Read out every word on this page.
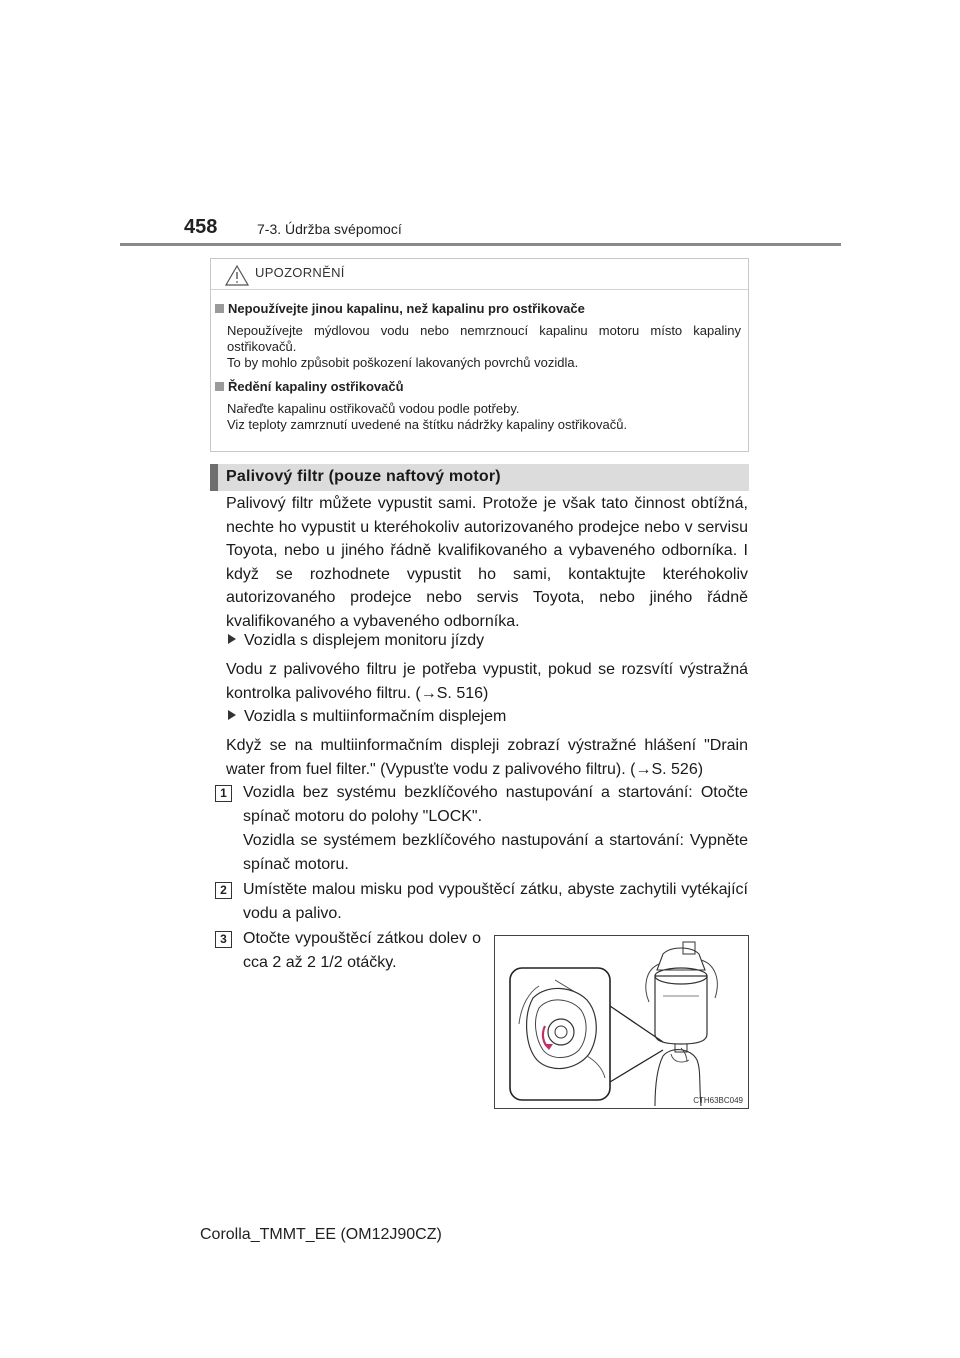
458	7-3. Údržba svépomocí
UPOZORNĚNÍ
Nepoužívejte jinou kapalinu, než kapalinu pro ostřikovače

Nepoužívejte mýdlovou vodu nebo nemrznoucí kapalinu motoru místo kapaliny ostřikovačů.

To by mohlo způsobit poškození lakovaných povrchů vozidla.

Ředění kapaliny ostřikovačů

Nařeďte kapalinu ostřikovačů vodou podle potřeby.

Viz teploty zamrznutí uvedené na štítku nádržky kapaliny ostřikovačů.

Palivový filtr (pouze naftový motor)
Palivový filtr můžete vypustit sami. Protože je však tato činnost obtížná, nechte ho vypustit u kteréhokoliv autorizovaného prodejce nebo v servisu Toyota, nebo u jiného řádně kvalifikovaného a vybaveného odborníka. I když se rozhodnete vypustit ho sami, kontaktujte kteréhokoliv autorizovaného prodejce nebo servis Toyota, nebo jiného řádně kvalifikovaného a vybaveného odborníka.
Vozidla s displejem monitoru jízdy
Vodu z palivového filtru je potřeba vypustit, pokud se rozsvítí výstražná kontrolka palivového filtru. (→S. 516)
Vozidla s multiinformačním displejem
Když se na multiinformačním displeji zobrazí výstražné hlášení "Drain water from fuel filter." (Vypusťte vodu z palivového filtru). (→S. 526)
1	Vozidla bez systému bezklíčového nastupování a startování: Otočte spínač motoru do polohy "LOCK".
Vozidla se systémem bezklíčového nastupování a startování: Vypněte spínač motoru.
2	Umístěte malou misku pod vypouštěcí zátku, abyste zachytili vytékající vodu a palivo.
3	Otočte vypouštěcí zátkou dolev o cca 2 až 2 1/2 otáčky.
CTH63BC049
Corolla_TMMT_EE (OM12J90CZ)
